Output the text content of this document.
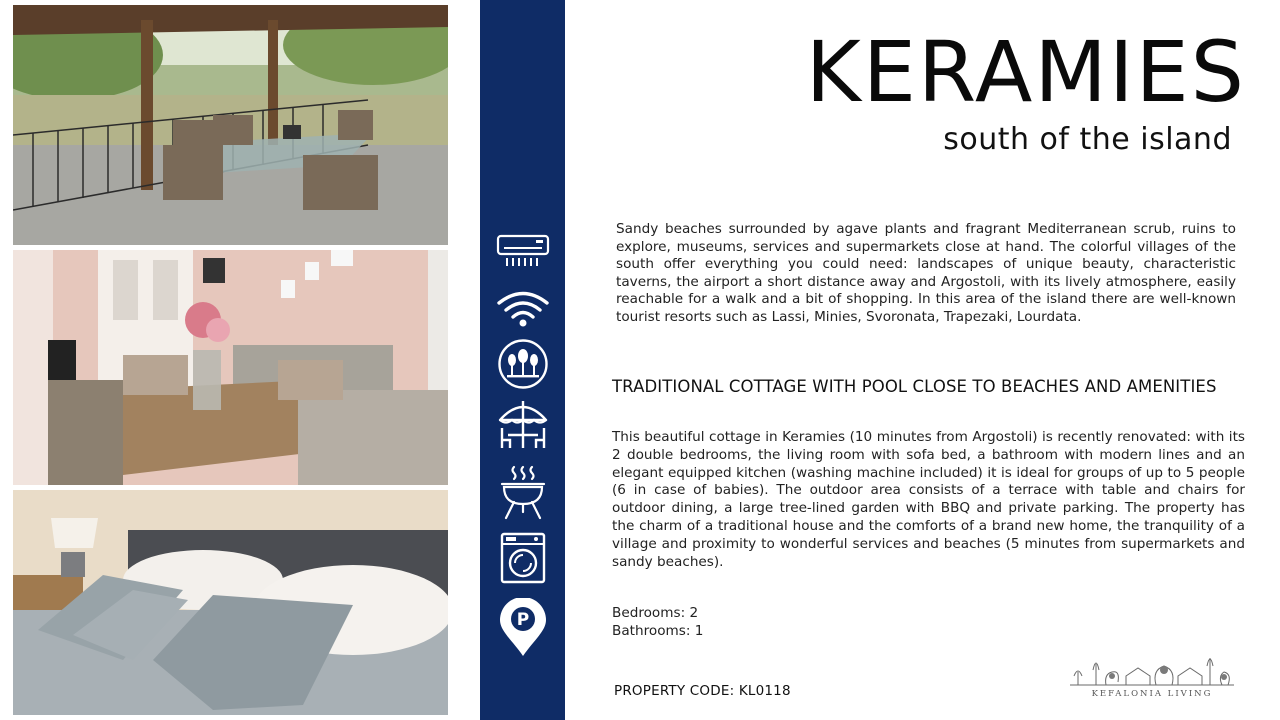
P
KERAMIES
south of the island
Sandy beaches surrounded by agave plants and fragrant Mediterranean scrub, ruins to explore, museums, services and supermarkets close at hand. The colorful villages of the south offer everything you could need: landscapes of unique beauty, characteristic taverns, the airport a short distance away and Argostoli, with its lively atmosphere, easily reachable for a walk and a bit of shopping. In this area of the island there are well-known tourist resorts such as Lassi, Minies, Svoronata, Trapezaki, Lourdata.
TRADITIONAL COTTAGE WITH POOL CLOSE TO BEACHES AND AMENITIES
This beautiful cottage in Keramies (10 minutes from Argostoli) is recently renovated: with its 2 double bedrooms, the living room with sofa bed, a bathroom with modern lines and an elegant equipped kitchen (washing machine included) it is ideal for groups of up to 5 people (6 in case of babies). The outdoor area consists of a terrace with table and chairs for outdoor dining, a large tree-lined garden with BBQ and private parking. The property has the charm of a traditional house and the comforts of a brand new home, the tranquility of a village and proximity to wonderful services and beaches (5 minutes from supermarkets and sandy beaches).
Bedrooms: 2
Bathrooms: 1
PROPERTY CODE: KL0118	KEFALONIA LIVING
